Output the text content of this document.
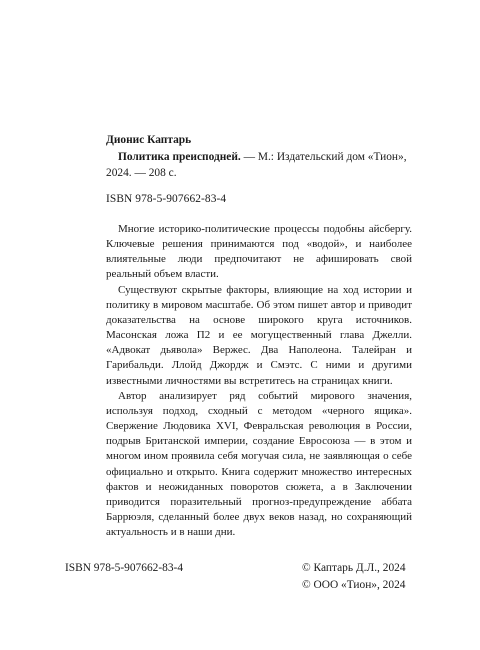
Дионис Каптарь
Политика преисподней. — М.: Издательский дом «Тион»,
2024. — 208 с.
ISBN 978-5-907662-83-4

Многие историко-политические процессы подобны айсбергу. Ключевые решения принимаются под «водой», и наиболее влиятельные люди предпочитают не афишировать свой реальный объем власти.

Существуют скрытые факторы, влияющие на ход истории и политику в мировом масштабе. Об этом пишет автор и приводит доказательства на основе широкого круга источников. Масонская ложа П2 и ее могущественный глава Джелли. «Адвокат дьявола» Вержес. Два Наполеона. Талейран и Гарибальди. Ллойд Джордж и Смэтс. С ними и другими известными личностями вы встретитесь на страницах книги.

Автор анализирует ряд событий мирового значения, используя подход, сходный с методом «черного ящика». Свержение Людовика XVI, Февральская революция в России, подрыв Британской империи, создание Евросоюза — в этом и многом ином проявила себя могучая сила, не заявляющая о себе официально и открыто. Книга содержит множество интересных фактов и неожиданных поворотов сюжета, а в Заключении приводится поразительный прогноз-предупреждение аббата Баррюэля, сделанный более двух веков назад, но сохраняющий актуальность и в наши дни.

ISBN 978-5-907662-83-4	© Каптарь Д.Л., 2024
© ООО «Тион», 2024
